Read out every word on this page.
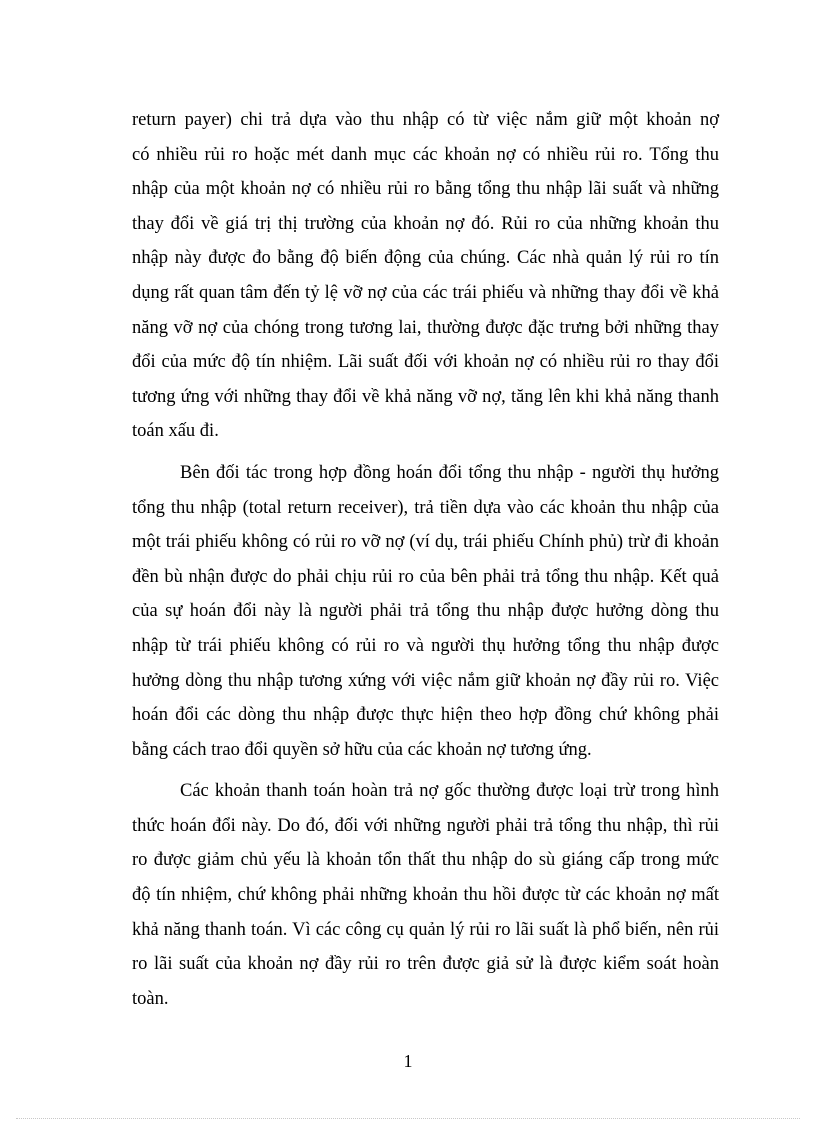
return payer) chi trả dựa vào thu nhập có từ việc nắm giữ một khoản nợ
có nhiều rủi ro hoặc mét danh mục các khoản nợ có nhiều rủi ro. Tổng thu
nhập của một khoản nợ có nhiều rủi ro bằng tổng thu nhập lãi suất và những
thay đổi về giá trị thị trường của khoản nợ đó. Rủi ro của những khoản thu
nhập này được đo bằng độ biến động của chúng. Các nhà quản lý rủi ro tín
dụng rất quan tâm đến tỷ lệ vỡ nợ của các trái phiếu và những thay đổi về khả
năng vỡ nợ của chóng trong tương lai, thường được đặc trưng bởi những thay
đổi của mức độ tín nhiệm. Lãi suất đối với khoản nợ có nhiều rủi ro thay đổi
tương ứng với những thay đổi về khả năng vỡ nợ, tăng lên khi khả năng thanh
toán xấu đi.
Bên đối tác trong hợp đồng hoán đổi tổng thu nhập - người thụ hưởng
tổng thu nhập (total return receiver), trả tiền dựa vào các khoản thu nhập của
một trái phiếu không có rủi ro vỡ nợ (ví dụ, trái phiếu Chính phủ) trừ đi khoản
đền bù nhận được do phải chịu rủi ro của bên phải trả tổng thu nhập. Kết quả
của sự hoán đổi này là người phải trả tổng thu nhập được hưởng dòng thu
nhập từ trái phiếu không có rủi ro và người thụ hưởng tổng thu nhập được
hưởng dòng thu nhập tương xứng với việc nắm giữ khoản nợ đầy rủi ro. Việc
hoán đổi các dòng thu nhập được thực hiện theo hợp đồng chứ không phải
bằng cách trao đổi quyền sở hữu của các khoản nợ tương ứng.
Các khoản thanh toán hoàn trả nợ gốc thường được loại trừ trong hình
thức hoán đổi này. Do đó, đối với những người phải trả tổng thu nhập, thì rủi
ro được giảm chủ yếu là khoản tổn thất thu nhập do sù giáng cấp trong mức
độ tín nhiệm, chứ không phải những khoản thu hồi được từ các khoản nợ mất
khả năng thanh toán. Vì các công cụ quản lý rủi ro lãi suất là phổ biến, nên rủi
ro lãi suất của khoản nợ đầy rủi ro trên được giả sử là được kiểm soát hoàn
toàn.
1
